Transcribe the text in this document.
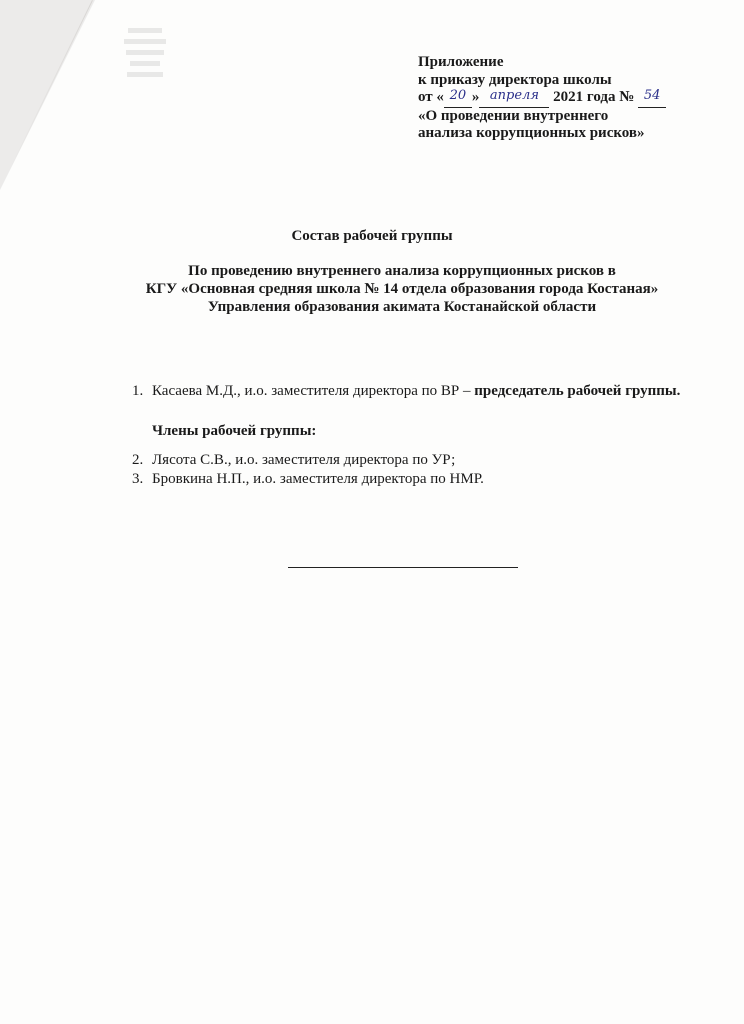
Приложение
к приказу директора школы
от « 20 » апреля 2021 года № 54
«О проведении внутреннего
анализа коррупционных рисков»
Состав рабочей группы
По проведению внутреннего анализа коррупционных рисков в
КГУ «Основная средняя школа № 14 отдела образования города Костаная»
Управления образования акимата Костанайской области
1. Касаева М.Д., и.о. заместителя директора по ВР – председатель рабочей группы.
Члены рабочей группы:
2. Лясота С.В., и.о. заместителя директора по УР;
3. Бровкина Н.П., и.о. заместителя директора по НМР.
